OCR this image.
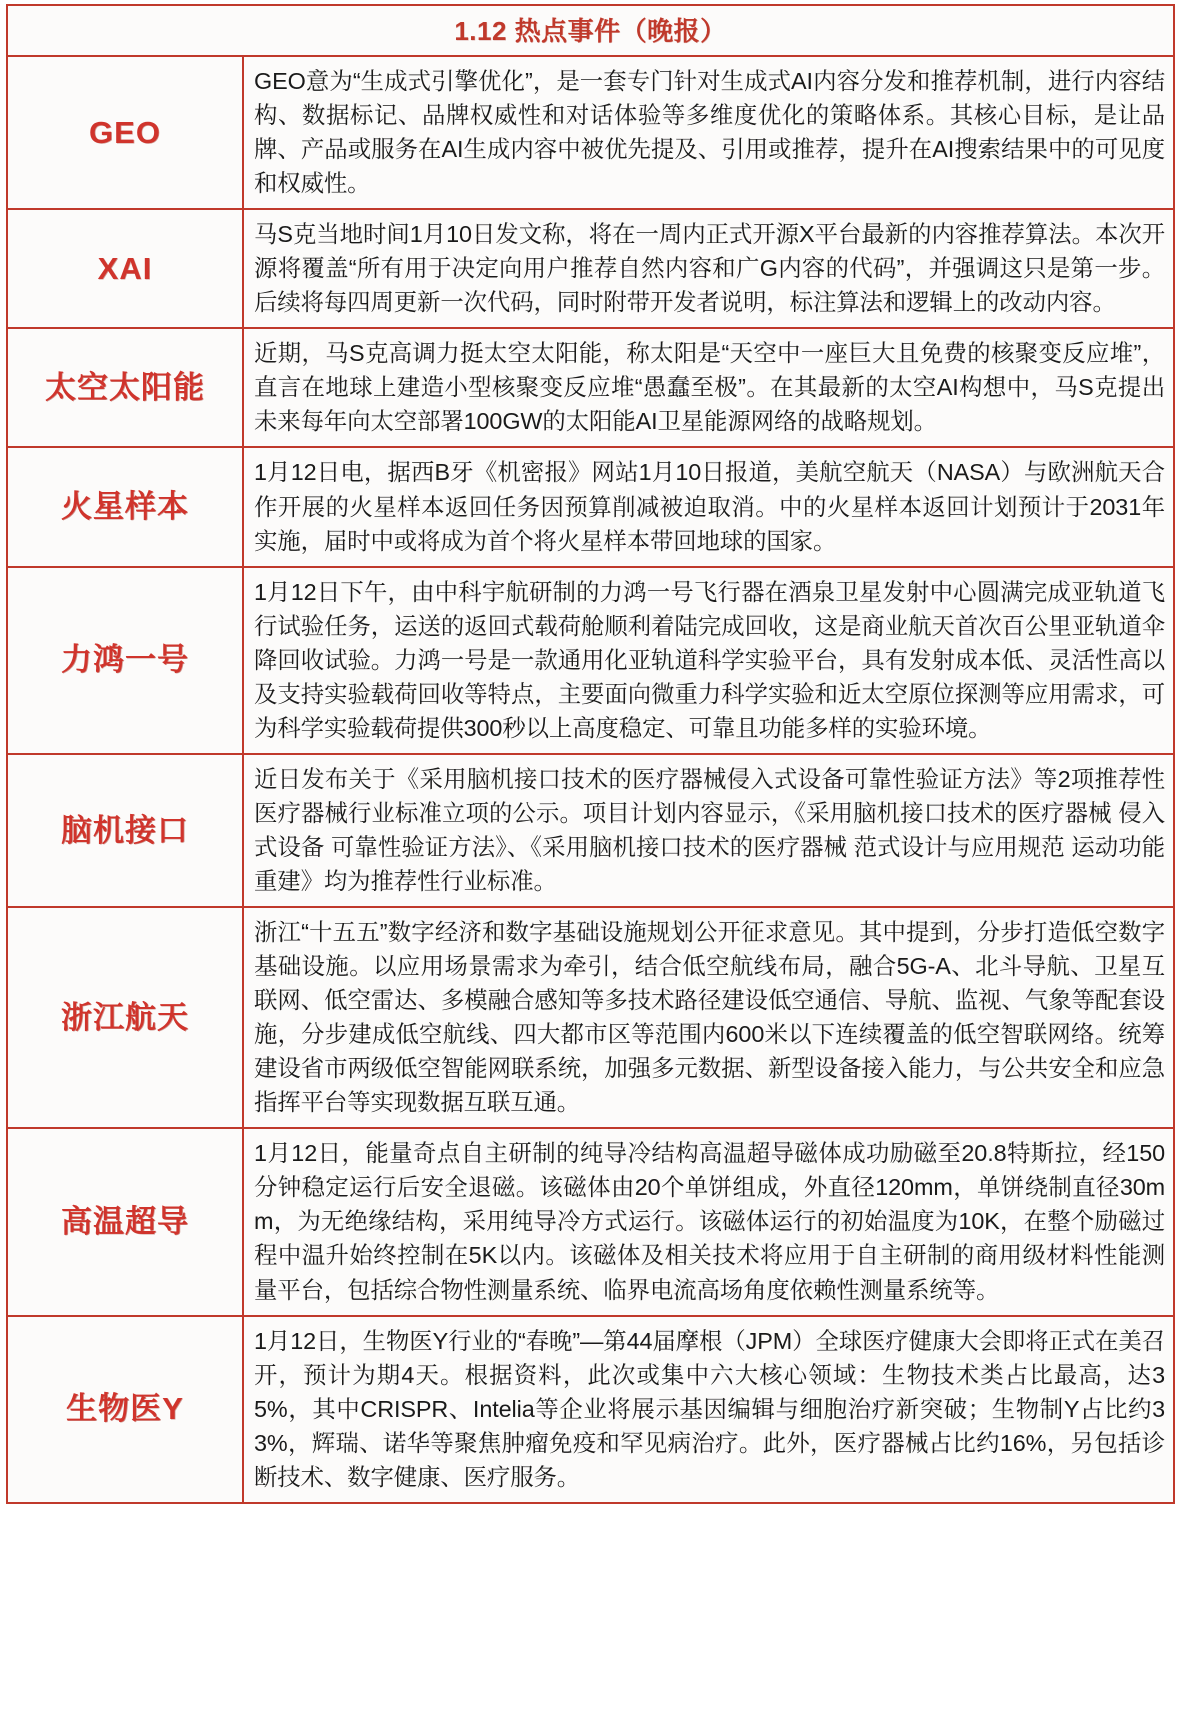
1.12 热点事件（晚报）	
GEO	GEO意为“生成式引擎优化”，是一套专门针对生成式AI内容分发和推荐机制，进行内容结构、数据标记、品牌权威性和对话体验等多维度优化的策略体系。其核心目标，是让品牌、产品或服务在AI生成内容中被优先提及、引用或推荐，提升在AI搜索结果中的可见度和权威性。

XAI	马S克当地时间1月10日发文称，将在一周内正式开源X平台最新的内容推荐算法。本次开源将覆盖“所有用于决定向用户推荐自然内容和广G内容的代码”，并强调这只是第一步。后续将每四周更新一次代码，同时附带开发者说明，标注算法和逻辑上的改动内容。

太空太阳能	近期，马S克高调力挺太空太阳能，称太阳是“天空中一座巨大且免费的核聚变反应堆”，直言在地球上建造小型核聚变反应堆“愚蠢至极”。在其最新的太空AI构想中，马S克提出未来每年向太空部署100GW的太阳能AI卫星能源网络的战略规划。

火星样本	1月12日电，据西B牙《机密报》网站1月10日报道，美航空航天（NASA）与欧洲航天合作开展的火星样本返回任务因预算削减被迫取消。中的火星样本返回计划预计于2031年实施，届时中或将成为首个将火星样本带回地球的国家。

力鸿一号	1月12日下午，由中科宇航研制的力鸿一号飞行器在酒泉卫星发射中心圆满完成亚轨道飞行试验任务，运送的返回式载荷舱顺利着陆完成回收，这是商业航天首次百公里亚轨道伞降回收试验。力鸿一号是一款通用化亚轨道科学实验平台，具有发射成本低、灵活性高以及支持实验载荷回收等特点，主要面向微重力科学实验和近太空原位探测等应用需求，可为科学实验载荷提供300秒以上高度稳定、可靠且功能多样的实验环境。

脑机接口	近日发布关于《采用脑机接口技术的医疗器械侵入式设备可靠性验证方法》等2项推荐性医疗器械行业标准立项的公示。项目计划内容显示，《采用脑机接口技术的医疗器械 侵入式设备 可靠性验证方法》、《采用脑机接口技术的医疗器械 范式设计与应用规范 运动功能重建》均为推荐性行业标准。

浙江航天	浙江“十五五”数字经济和数字基础设施规划公开征求意见。其中提到，分步打造低空数字基础设施。以应用场景需求为牵引，结合低空航线布局，融合5G-A、北斗导航、卫星互联网、低空雷达、多模融合感知等多技术路径建设低空通信、导航、监视、气象等配套设施，分步建成低空航线、四大都市区等范围内600米以下连续覆盖的低空智联网络。统筹建设省市两级低空智能网联系统，加强多元数据、新型设备接入能力，与公共安全和应急指挥平台等实现数据互联互通。

高温超导	1月12日，能量奇点自主研制的纯导冷结构高温超导磁体成功励磁至20.8特斯拉，经150分钟稳定运行后安全退磁。该磁体由20个单饼组成，外直径120mm，单饼绕制直径30mm，为无绝缘结构，采用纯导冷方式运行。该磁体运行的初始温度为10K，在整个励磁过程中温升始终控制在5K以内。该磁体及相关技术将应用于自主研制的商用级材料性能测量平台，包括综合物性测量系统、临界电流高场角度依赖性测量系统等。

生物医Y	1月12日，生物医Y行业的“春晚”—第44届摩根（JPM）全球医疗健康大会即将正式在美召开，预计为期4天。根据资料，此次或集中六大核心领域：生物技术类占比最高，达35%，其中CRISPR、Intelia等企业将展示基因编辑与细胞治疗新突破；生物制Y占比约33%，辉瑞、诺华等聚焦肿瘤免疫和罕见病治疗。此外，医疗器械占比约16%，另包括诊断技术、数字健康、医疗服务。
